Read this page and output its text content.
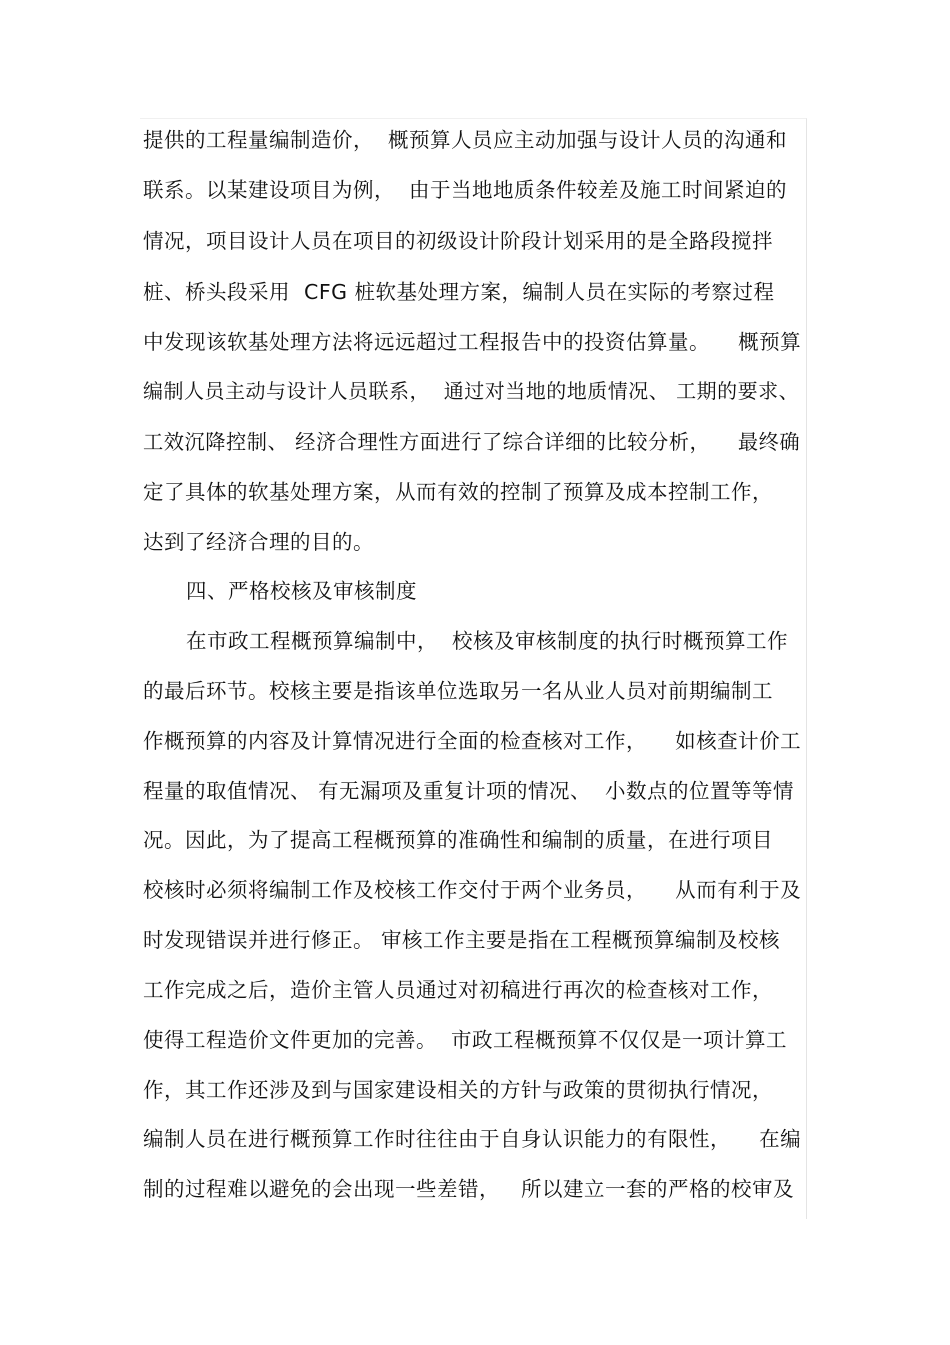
提供的工程量编制造价，  概预算人员应主动加强与设计人员的沟通和
联系。以某建设项目为例，  由于当地地质条件较差及施工时间紧迫的
情况，项目设计人员在项目的初级设计阶段计划采用的是全路段搅拌
桩、桥头段采用  CFG 桩软基处理方案，编制人员在实际的考察过程
中发现该软基处理方法将远远超过工程报告中的投资估算量。    概预算
编制人员主动与设计人员联系，  通过对当地的地质情况、 工期的要求、
工效沉降控制、 经济合理性方面进行了综合详细的比较分析，    最终确
定了具体的软基处理方案，从而有效的控制了预算及成本控制工作，
达到了经济合理的目的。
四、严格校核及审核制度
在市政工程概预算编制中，  校核及审核制度的执行时概预算工作
的最后环节。校核主要是指该单位选取另一名从业人员对前期编制工
作概预算的内容及计算情况进行全面的检查核对工作，    如核查计价工
程量的取值情况、 有无漏项及重复计项的情况、  小数点的位置等等情
况。因此，为了提高工程概预算的准确性和编制的质量，在进行项目
校核时必须将编制工作及校核工作交付于两个业务员，    从而有利于及
时发现错误并进行修正。 审核工作主要是指在工程概预算编制及校核
工作完成之后，造价主管人员通过对初稿进行再次的检查核对工作，
使得工程造价文件更加的完善。  市政工程概预算不仅仅是一项计算工
作，其工作还涉及到与国家建设相关的方针与政策的贯彻执行情况，
编制人员在进行概预算工作时往往由于自身认识能力的有限性，    在编
制的过程难以避免的会出现一些差错，   所以建立一套的严格的校审及
